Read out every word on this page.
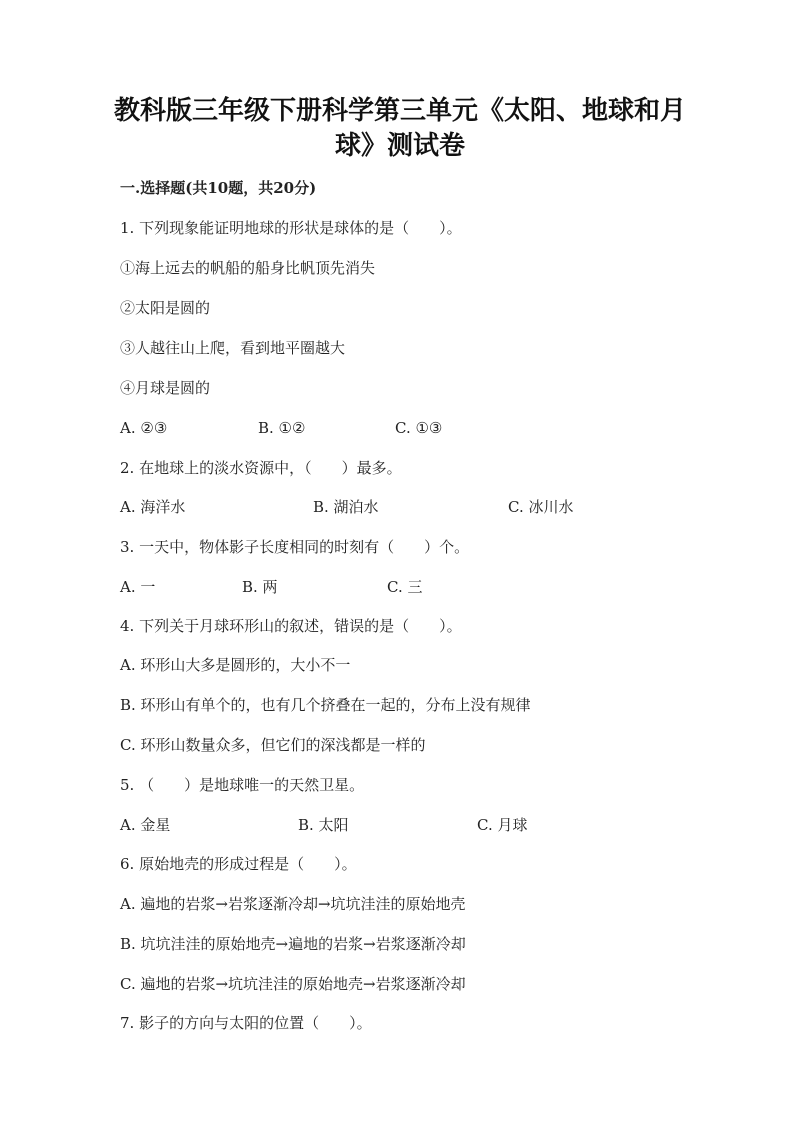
教科版三年级下册科学第三单元《太阳、地球和月
球》测试卷
一.选择题(共10题，共20分)
1. 下列现象能证明地球的形状是球体的是（　　）。
①海上远去的帆船的船身比帆顶先消失
②太阳是圆的
③人越往山上爬，看到地平圈越大
④月球是圆的
A. ②③	B. ①②	C. ①③
2. 在地球上的淡水资源中，（　　）最多。
A. 海洋水	B. 湖泊水	C. 冰川水
3. 一天中，物体影子长度相同的时刻有（　　）个。
A. 一	B. 两	C. 三
4. 下列关于月球环形山的叙述，错误的是（　　）。
A. 环形山大多是圆形的，大小不一
B. 环形山有单个的，也有几个挤叠在一起的，分布上没有规律
C. 环形山数量众多，但它们的深浅都是一样的
5. （　　）是地球唯一的天然卫星。
A. 金星	B. 太阳	C. 月球
6. 原始地壳的形成过程是（　　）。
A. 遍地的岩浆→岩浆逐渐冷却→坑坑洼洼的原始地壳
B. 坑坑洼洼的原始地壳→遍地的岩浆→岩浆逐渐冷却
C. 遍地的岩浆→坑坑洼洼的原始地壳→岩浆逐渐冷却
7. 影子的方向与太阳的位置（　　）。
